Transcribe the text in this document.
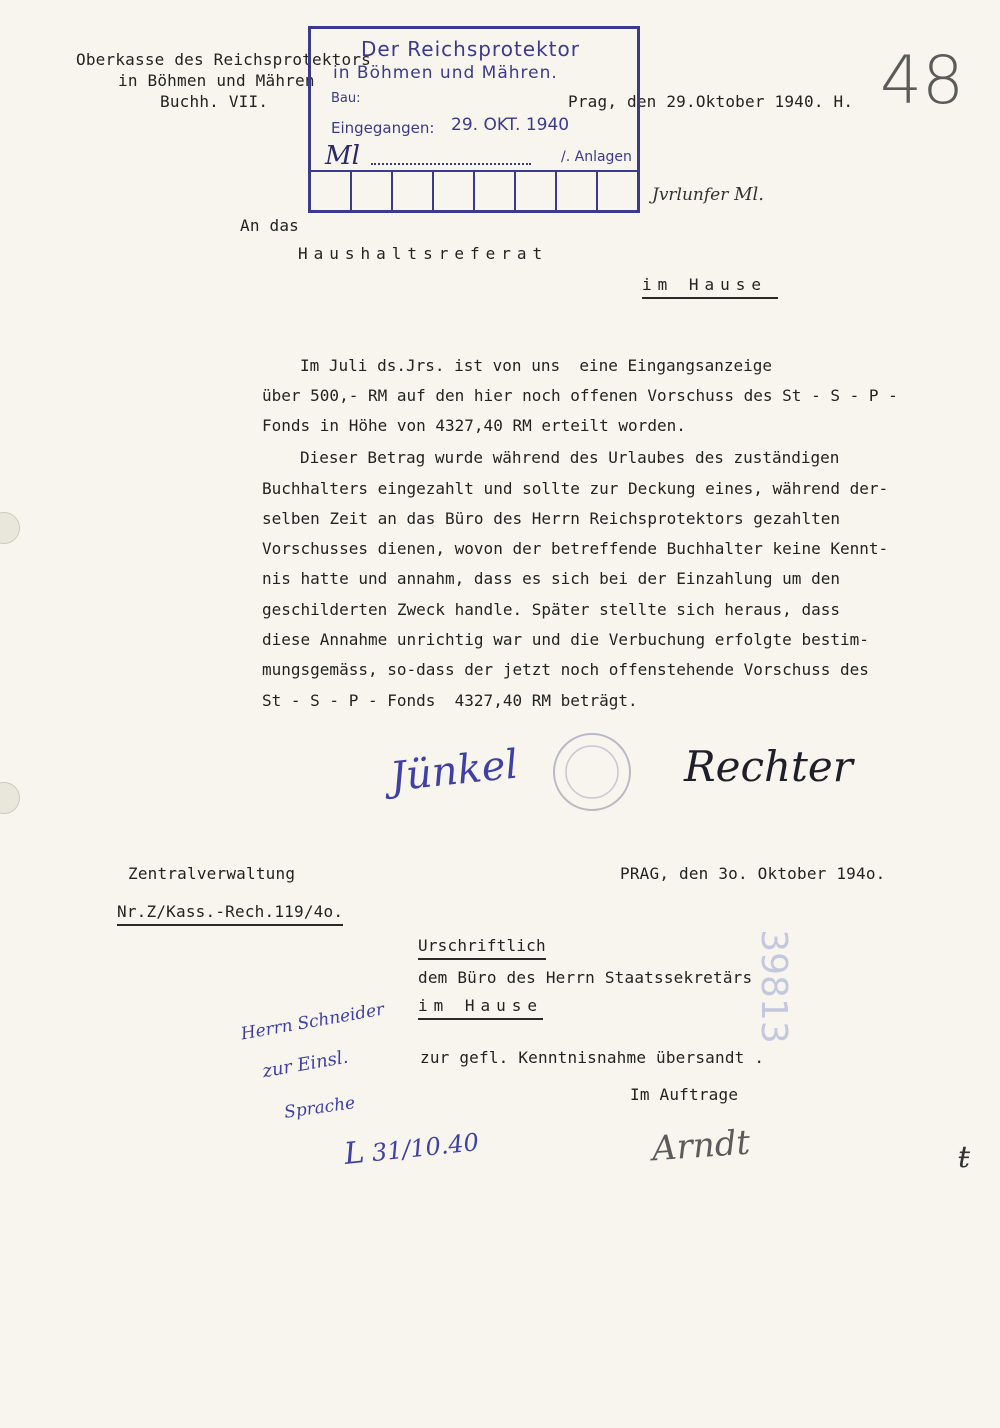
Oberkasse des Reichsprotektors
in Böhmen und Mähren
Buchh. VII.	Prag, den 29.Oktober 1940. H. 48
Der Reichsprotektor
in Böhmen und Mähren.
Bau:
Eingegangen: 29. OKT. 1940
Ml	/. Anlagen
Jvrlunfer Ml.
An das
Haushaltsreferat
im Hause
Im Juli ds.Jrs. ist von uns  eine Eingangsanzeige
über 500,- RM auf den hier noch offenen Vorschuss des St - S - P -
Fonds in Höhe von 4327,40 RM erteilt worden.
Dieser Betrag wurde während des Urlaubes des zuständigen
Buchhalters eingezahlt und sollte zur Deckung eines, während der-
selben Zeit an das Büro des Herrn Reichsprotektors gezahlten
Vorschusses dienen, wovon der betreffende Buchhalter keine Kennt-
nis hatte und annahm, dass es sich bei der Einzahlung um den
geschilderten Zweck handle. Später stellte sich heraus, dass
diese Annahme unrichtig war und die Verbuchung erfolgte bestim-
mungsgemäss, so-dass der jetzt noch offenstehende Vorschuss des
St - S - P - Fonds  4327,40 RM beträgt.
Jünkel	Rechter
Zentralverwaltung	PRAG, den 3o. Oktober 194o.
Nr.Z/Kass.-Rech.119/4o.
Urschriftlich
dem Büro des Herrn Staatssekretärs
im Hause
zur gefl. Kenntnisnahme übersandt .
Im Auftrage
39813
Herrn Schneider
zur Einsl.
Sprache
L 31/10.40	Arndt	ŧ
